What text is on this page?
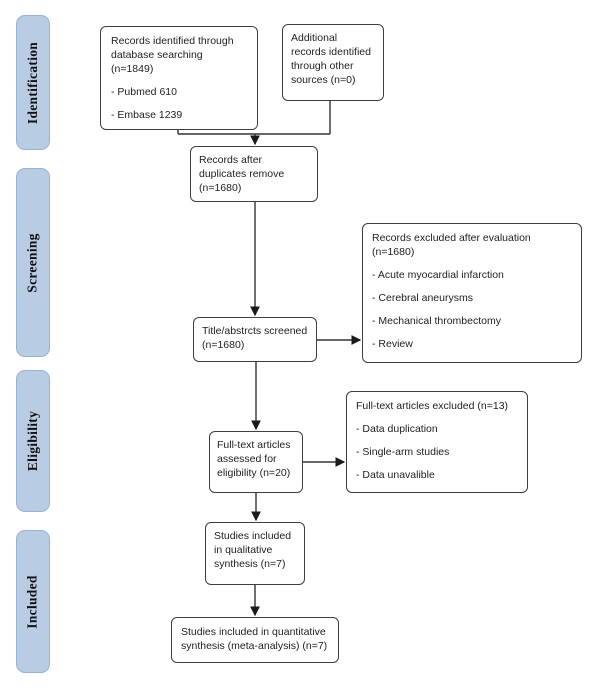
Identification
Screening
Eligibility
Included

Records identified through database searching (n=1849)

- Pubmed 610

- Embase 1239

Additional records identified through other sources (n=0)

Records after duplicates remove (n=1680)

Records excluded after evaluation (n=1680)

- Acute myocardial infarction

- Cerebral aneurysms

- Mechanical thrombectomy

- Review

Title/abstrcts screened (n=1680)

Full-text articles assessed for eligibility (n=20)

Full-text articles excluded (n=13)

- Data duplication

- Single-arm studies

- Data unavalible

Studies included in qualitative synthesis (n=7)

Studies included in quantitative synthesis (meta-analysis) (n=7)
